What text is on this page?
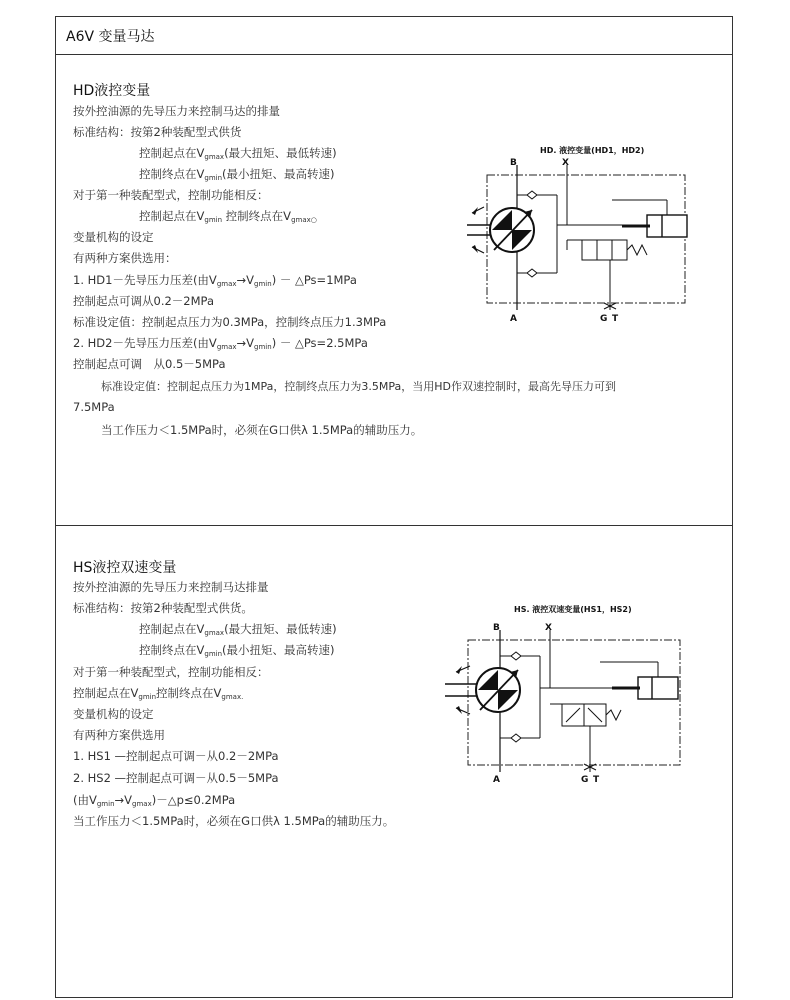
A6V 变量马达
HD液控变量
按外控油源的先导压力来控制马达的排量
标准结构：按第2种装配型式供货
控制起点在$V_{gmax}$(最大扭矩、最低转速)
控制终点在$V_{gmin}$(最小扭矩、最高转速)
对于第一种装配型式，控制功能相反：
控制起点在$V_{gmin}$ 控制终点在$V_{gmax○}$
变量机构的设定
有两种方案供选用：
1. HD1－先导压力压差(由$V_{gmax}\to V_{gmin}$) － △Ps=1MPa
控制起点可调从0.2－2MPa
标准设定值：控制起点压力为0.3MPa，控制终点压力1.3MPa
2. HD2－先导压力压差(由$V_{gmax}\to V_{gmin}$) － △Ps=2.5MPa
控制起点可调　从0.5－5MPa
标准设定值：控制起点压力为1MPa，控制终点压力为3.5MPa，当用HD作双速控制时，最高先导压力可到
7.5MPa
当工作压力＜1.5MPa时，必须在G口供λ 1.5MPa的辅助压力。
HD. 液控变量(HD1，HD2)
B	X
A	G T
HS液控双速变量
按外控油源的先导压力来控制马达排量
标准结构：按第2种装配型式供货。
控制起点在$V_{gmax}$(最大扭矩、最低转速)
控制终点在$V_{gmin}$(最小扭矩、最高转速)
对于第一种装配型式，控制功能相反：
控制起点在$V_{gmin}$控制终点在$V_{gmax.}$
变量机构的设定
有两种方案供选用
1. HS1 —控制起点可调－从0.2－2MPa
2. HS2 —控制起点可调－从0.5－5MPa
(由$V_{gmin}\to V_{gmax})-\triangle p\le 0.2MPa$
当工作压力＜1.5MPa时，必须在G口供λ 1.5MPa的辅助压力。
HS. 液控双速变量(HS1，HS2)
B	X
A	G T
